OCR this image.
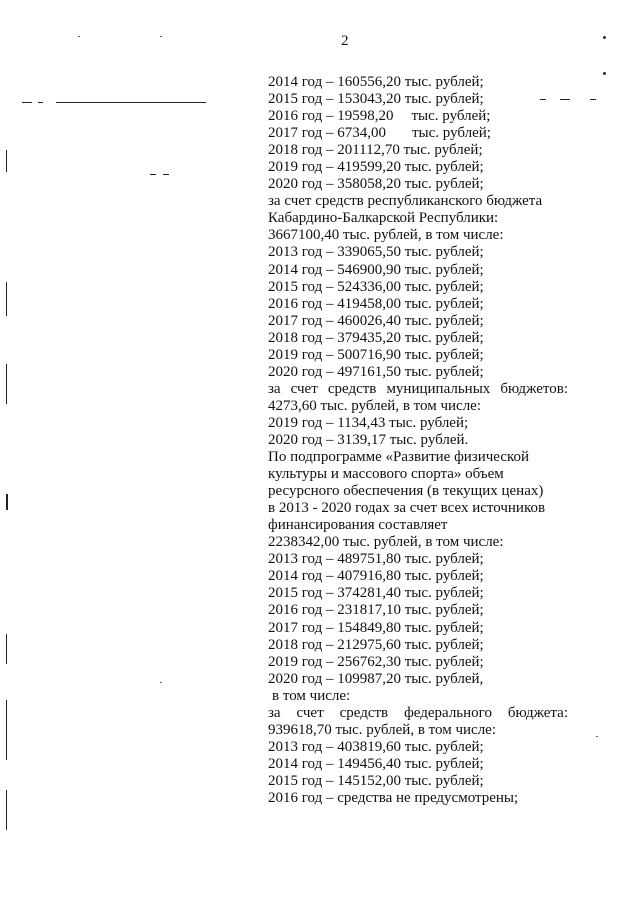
2
2014 год – 160556,20 тыс. рублей;
2015 год – 153043,20 тыс. рублей;
2016 год – 19598,20 тыс. рублей;
2017 год – 6734,00 тыс. рублей;
2018 год – 201112,70 тыс. рублей;
2019 год – 419599,20 тыс. рублей;
2020 год – 358058,20 тыс. рублей;
за счет средств республиканского бюджета
Кабардино-Балкарской Республики:
3667100,40 тыс. рублей, в том числе:
2013 год – 339065,50 тыс. рублей;
2014 год – 546900,90 тыс. рублей;
2015 год – 524336,00 тыс. рублей;
2016 год – 419458,00 тыс. рублей;
2017 год – 460026,40 тыс. рублей;
2018 год – 379435,20 тыс. рублей;
2019 год – 500716,90 тыс. рублей;
2020 год – 497161,50 тыс. рублей;
за счет средств муниципальных бюджетов:
4273,60 тыс. рублей, в том числе:
2019 год – 1134,43 тыс. рублей;
2020 год – 3139,17 тыс. рублей.
По подпрограмме «Развитие физической
культуры и массового спорта» объем
ресурсного обеспечения (в текущих ценах)
в 2013 - 2020 годах за счет всех источников
финансирования составляет
2238342,00 тыс. рублей, в том числе:
2013 год – 489751,80 тыс. рублей;
2014 год – 407916,80 тыс. рублей;
2015 год – 374281,40 тыс. рублей;
2016 год – 231817,10 тыс. рублей;
2017 год – 154849,80 тыс. рублей;
2018 год – 212975,60 тыс. рублей;
2019 год – 256762,30 тыс. рублей;
2020 год – 109987,20 тыс. рублей,
в том числе:
за счет средств федерального бюджета:
939618,70 тыс. рублей, в том числе:
2013 год – 403819,60 тыс. рублей;
2014 год – 149456,40 тыс. рублей;
2015 год – 145152,00 тыс. рублей;
2016 год – средства не предусмотрены;
